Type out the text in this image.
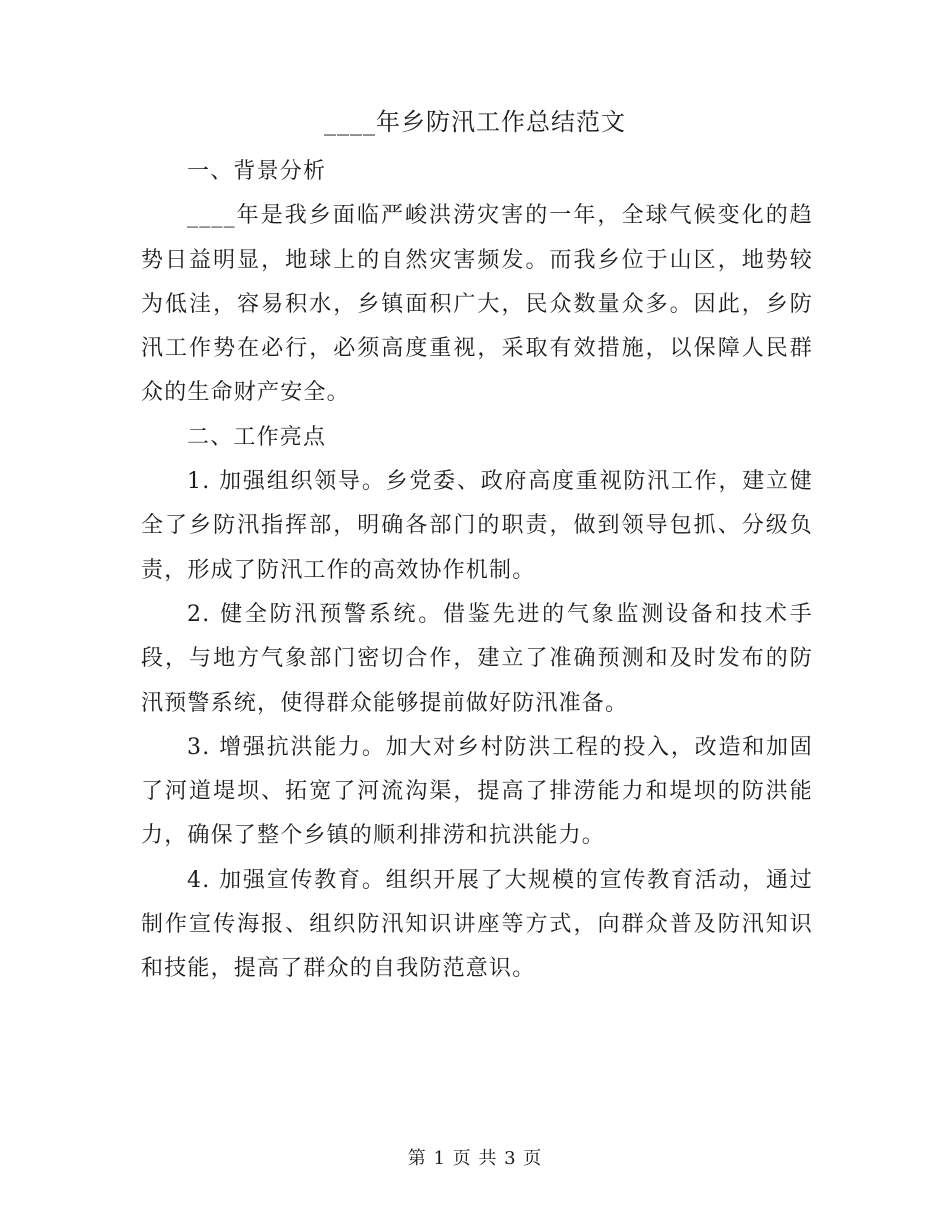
____年乡防汛工作总结范文

一、背景分析

____年是我乡面临严峻洪涝灾害的一年，全球气候变化的趋势日益明显，地球上的自然灾害频发。而我乡位于山区，地势较为低洼，容易积水，乡镇面积广大，民众数量众多。因此，乡防汛工作势在必行，必须高度重视，采取有效措施，以保障人民群众的生命财产安全。

二、工作亮点

1. 加强组织领导。乡党委、政府高度重视防汛工作，建立健全了乡防汛指挥部，明确各部门的职责，做到领导包抓、分级负责，形成了防汛工作的高效协作机制。

2. 健全防汛预警系统。借鉴先进的气象监测设备和技术手段，与地方气象部门密切合作，建立了准确预测和及时发布的防汛预警系统，使得群众能够提前做好防汛准备。

3. 增强抗洪能力。加大对乡村防洪工程的投入，改造和加固了河道堤坝、拓宽了河流沟渠，提高了排涝能力和堤坝的防洪能力，确保了整个乡镇的顺利排涝和抗洪能力。

4. 加强宣传教育。组织开展了大规模的宣传教育活动，通过制作宣传海报、组织防汛知识讲座等方式，向群众普及防汛知识和技能，提高了群众的自我防范意识。

第 1 页 共 3 页
